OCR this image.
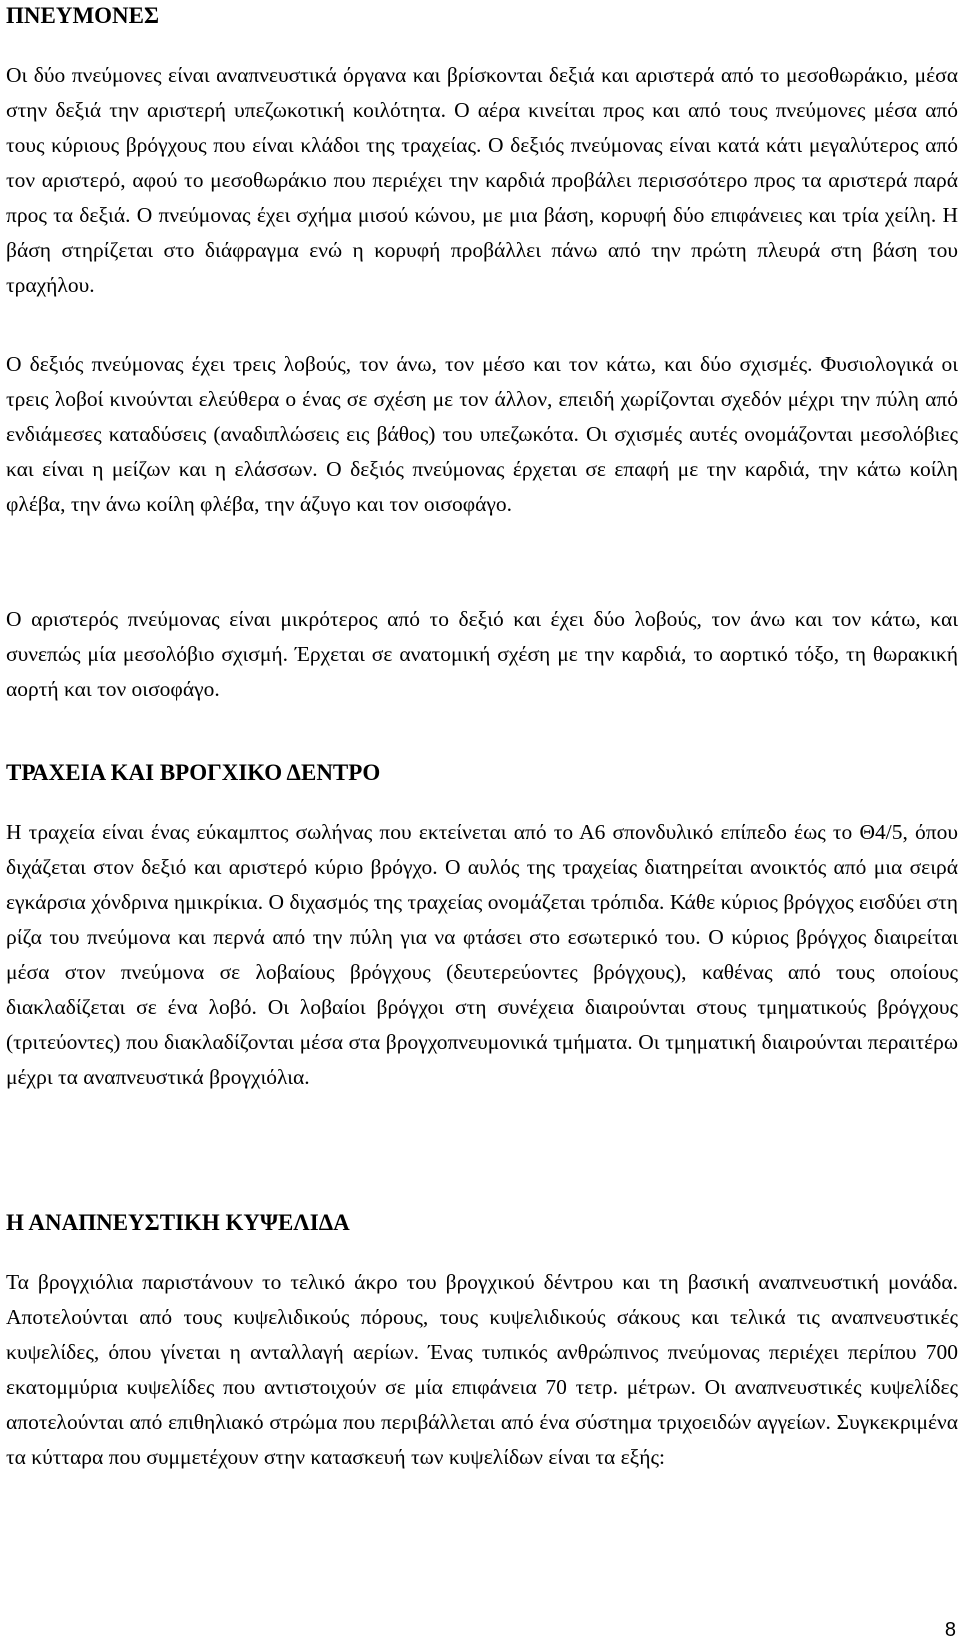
ΠΝΕΥΜΟΝΕΣ

Οι δύο πνεύμονες είναι αναπνευστικά όργανα και βρίσκονται δεξιά και αριστερά από το μεσοθωράκιο, μέσα στην δεξιά την αριστερή υπεζωκοτική κοιλότητα. Ο αέρα κινείται προς και από τους πνεύμονες μέσα από τους κύριους βρόγχους που είναι κλάδοι της τραχείας. Ο δεξιός πνεύμονας είναι κατά κάτι μεγαλύτερος από τον αριστερό, αφού το μεσοθωράκιο που περιέχει την καρδιά προβάλει περισσότερο προς τα αριστερά παρά προς τα δεξιά. Ο πνεύμονας έχει σχήμα μισού κώνου, με μια βάση, κορυφή δύο επιφάνειες και τρία χείλη. Η βάση στηρίζεται στο διάφραγμα ενώ η κορυφή προβάλλει πάνω από την πρώτη πλευρά στη βάση του τραχήλου.

Ο δεξιός πνεύμονας έχει τρεις λοβούς, τον άνω, τον μέσο και τον κάτω, και δύο σχισμές. Φυσιολογικά οι τρεις λοβοί κινούνται ελεύθερα ο ένας σε σχέση με τον άλλον, επειδή χωρίζονται σχεδόν μέχρι την πύλη από ενδιάμεσες καταδύσεις (αναδιπλώσεις εις βάθος) του υπεζωκότα. Οι σχισμές αυτές ονομάζονται μεσολόβιες και είναι η μείζων και η ελάσσων. Ο δεξιός πνεύμονας έρχεται σε επαφή με την καρδιά, την κάτω κοίλη φλέβα, την άνω κοίλη φλέβα, την άζυγο και τον οισοφάγο.

Ο αριστερός πνεύμονας είναι μικρότερος από το δεξιό και έχει δύο λοβούς, τον άνω και τον κάτω, και συνεπώς μία μεσολόβιο σχισμή. Έρχεται σε ανατομική σχέση με την καρδιά, το αορτικό τόξο, τη θωρακική αορτή και τον οισοφάγο.

ΤΡΑΧΕΙΑ ΚΑΙ ΒΡΟΓΧΙΚΟ ΔΕΝΤΡΟ

Η τραχεία είναι ένας εύκαμπτος σωλήνας που εκτείνεται από το Α6 σπονδυλικό επίπεδο έως το Θ4/5, όπου διχάζεται στον δεξιό και αριστερό κύριο βρόγχο. Ο αυλός της τραχείας διατηρείται ανοικτός από μια σειρά εγκάρσια χόνδρινα ημικρίκια. Ο διχασμός της τραχείας ονομάζεται τρόπιδα. Κάθε κύριος βρόγχος εισδύει στη ρίζα του πνεύμονα και περνά από την πύλη για να φτάσει στο εσωτερικό του. Ο κύριος βρόγχος διαιρείται μέσα στον πνεύμονα σε λοβαίους βρόγχους (δευτερεύοντες βρόγχους), καθένας από τους οποίους διακλαδίζεται σε ένα λοβό. Οι λοβαίοι βρόγχοι στη συνέχεια διαιρούνται στους τμηματικούς βρόγχους (τριτεύοντες) που διακλαδίζονται μέσα στα βρογχοπνευμονικά τμήματα. Οι τμηματική διαιρούνται περαιτέρω μέχρι τα αναπνευστικά βρογχιόλια.

Η ΑΝΑΠΝΕΥΣΤΙΚΗ ΚΥΨΕΛΙΔΑ

Τα βρογχιόλια παριστάνουν το τελικό άκρο του βρογχικού δέντρου και τη βασική αναπνευστική μονάδα. Αποτελούνται από τους κυψελιδικούς πόρους, τους κυψελιδικούς σάκους και τελικά τις αναπνευστικές κυψελίδες, όπου γίνεται η ανταλλαγή αερίων. Ένας τυπικός ανθρώπινος πνεύμονας περιέχει περίπου 700 εκατομμύρια κυψελίδες που αντιστοιχούν σε μία επιφάνεια 70 τετρ. μέτρων. Οι αναπνευστικές κυψελίδες αποτελούνται από επιθηλιακό στρώμα που περιβάλλεται από ένα σύστημα τριχοειδών αγγείων. Συγκεκριμένα τα κύτταρα που συμμετέχουν στην κατασκευή των κυψελίδων είναι τα εξής:

8
